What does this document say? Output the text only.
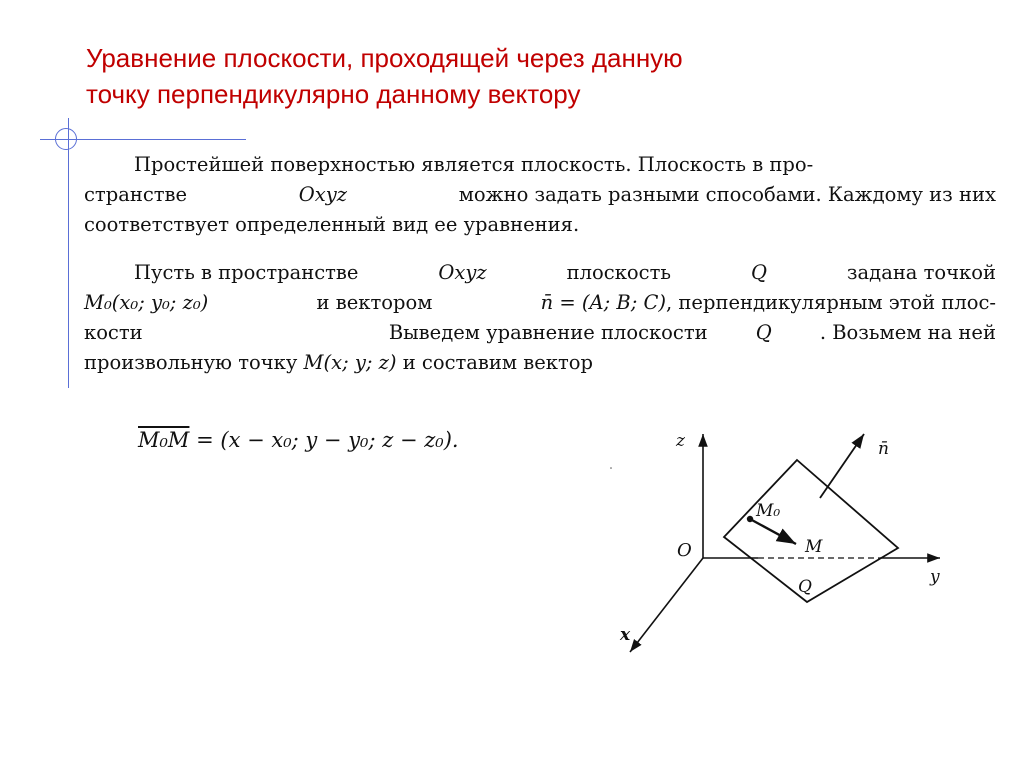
Уравнение плоскости, проходящей через данную
точку перпендикулярно данному вектору
Простейшей поверхностью является плоскость. Плоскость в про-
странстве	Oxyz	можно задать разными способами. Каждому из них
соответствует определенный вид ее уравнения.
Пусть в пространстве	Oxyz	плоскость	Q	задана точкой
M₀(x₀; y₀; z₀)	и вектором	n̄ = (A; B; C), перпендикулярным этой плос-
кости	Выведем уравнение плоскости Q . Возьмем на ней
произвольную точку
M(x; y; z)
и составим вектор
M₀M = (x − x₀; y − y₀; z − z₀).	z
y
x
O
n̄
M₀
M
Q
